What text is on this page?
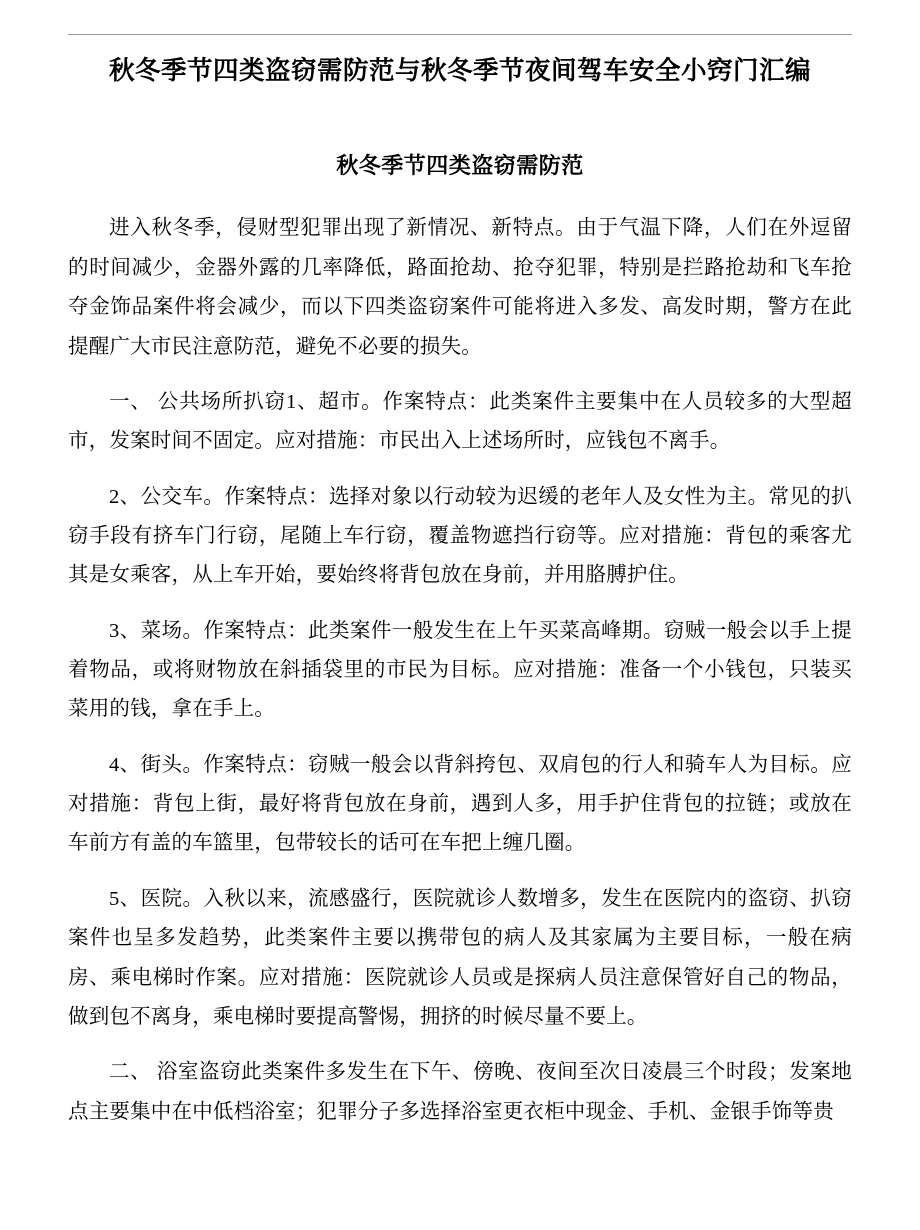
秋冬季节四类盗窃需防范与秋冬季节夜间驾车安全小窍门汇编
秋冬季节四类盗窃需防范

进入秋冬季，侵财型犯罪出现了新情况、新特点。由于气温下降，人们在外逗留的时间减少，金器外露的几率降低，路面抢劫、抢夺犯罪，特别是拦路抢劫和飞车抢夺金饰品案件将会减少，而以下四类盗窃案件可能将进入多发、高发时期，警方在此提醒广大市民注意防范，避免不必要的损失。

一、 公共场所扒窃1、超市。作案特点：此类案件主要集中在人员较多的大型超市，发案时间不固定。应对措施：市民出入上述场所时，应钱包不离手。

2、公交车。作案特点：选择对象以行动较为迟缓的老年人及女性为主。常见的扒窃手段有挤车门行窃，尾随上车行窃，覆盖物遮挡行窃等。应对措施：背包的乘客尤其是女乘客，从上车开始，要始终将背包放在身前，并用胳膊护住。

3、菜场。作案特点：此类案件一般发生在上午买菜高峰期。窃贼一般会以手上提着物品，或将财物放在斜插袋里的市民为目标。应对措施：准备一个小钱包，只装买菜用的钱，拿在手上。

4、街头。作案特点：窃贼一般会以背斜挎包、双肩包的行人和骑车人为目标。应对措施：背包上街，最好将背包放在身前，遇到人多，用手护住背包的拉链；或放在车前方有盖的车篮里，包带较长的话可在车把上缠几圈。

5、医院。入秋以来，流感盛行，医院就诊人数增多，发生在医院内的盗窃、扒窃案件也呈多发趋势，此类案件主要以携带包的病人及其家属为主要目标，一般在病房、乘电梯时作案。应对措施：医院就诊人员或是探病人员注意保管好自己的物品，做到包不离身，乘电梯时要提高警惕，拥挤的时候尽量不要上。

二、 浴室盗窃此类案件多发生在下午、傍晚、夜间至次日凌晨三个时段；发案地点主要集中在中低档浴室；犯罪分子多选择浴室更衣柜中现金、手机、金银手饰等贵
